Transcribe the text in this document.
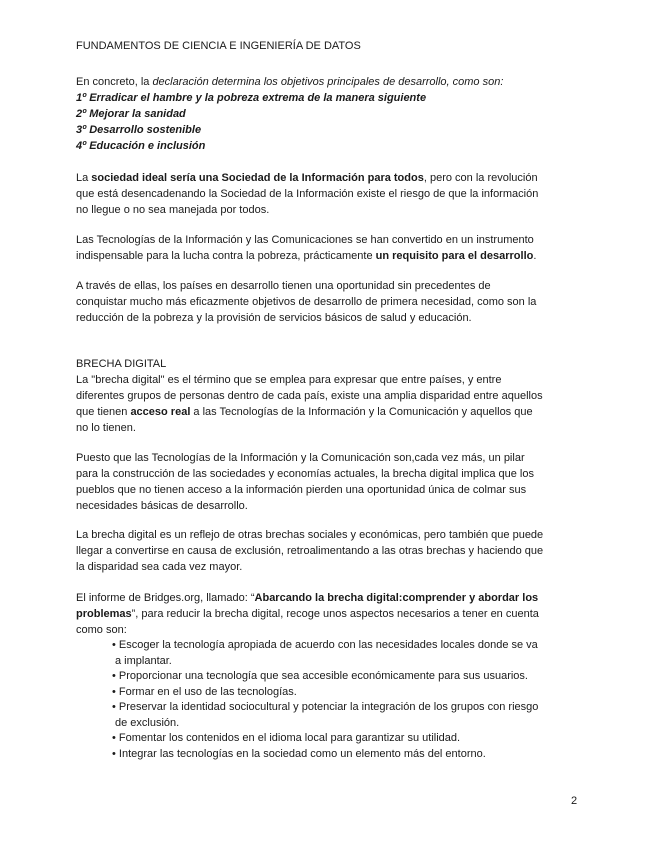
FUNDAMENTOS DE CIENCIA E INGENIERÍA DE DATOS
En concreto, la declaración determina los objetivos principales de desarrollo, como son:
1º Erradicar el hambre y la pobreza extrema de la manera siguiente
2º Mejorar la sanidad
3º Desarrollo sostenible
4º Educación e inclusión
La sociedad ideal sería una Sociedad de la Información para todos, pero con la revolución
que está desencadenando la Sociedad de la Información existe el riesgo de que la información
no llegue o no sea manejada por todos.
Las Tecnologías de la Información y las Comunicaciones se han convertido en un instrumento
indispensable para la lucha contra la pobreza, prácticamente un requisito para el desarrollo.
A través de ellas, los países en desarrollo tienen una oportunidad sin precedentes de
conquistar mucho más eficazmente objetivos de desarrollo de primera necesidad, como son la
reducción de la pobreza y la provisión de servicios básicos de salud y educación.
BRECHA DIGITAL
La "brecha digital" es el término que se emplea para expresar que entre países, y entre
diferentes grupos de personas dentro de cada país, existe una amplia disparidad entre aquellos
que tienen acceso real a las Tecnologías de la Información y la Comunicación y aquellos que
no lo tienen.
Puesto que las Tecnologías de la Información y la Comunicación son,cada vez más, un pilar
para la construcción de las sociedades y economías actuales, la brecha digital implica que los
pueblos que no tienen acceso a la información pierden una oportunidad única de colmar sus
necesidades básicas de desarrollo.
La brecha digital es un reflejo de otras brechas sociales y económicas, pero también que puede
llegar a convertirse en causa de exclusión, retroalimentando a las otras brechas y haciendo que
la disparidad sea cada vez mayor.
El informe de Bridges.org, llamado: “Abarcando la brecha digital:comprender y abordar los
problemas”, para reducir la brecha digital, recoge unos aspectos necesarios a tener en cuenta
como son:
• Escoger la tecnología apropiada de acuerdo con las necesidades locales donde se va
a implantar.
• Proporcionar una tecnología que sea accesible económicamente para sus usuarios.
• Formar en el uso de las tecnologías.
• Preservar la identidad sociocultural y potenciar la integración de los grupos con riesgo
de exclusión.
• Fomentar los contenidos en el idioma local para garantizar su utilidad.
• Integrar las tecnologías en la sociedad como un elemento más del entorno.
2
